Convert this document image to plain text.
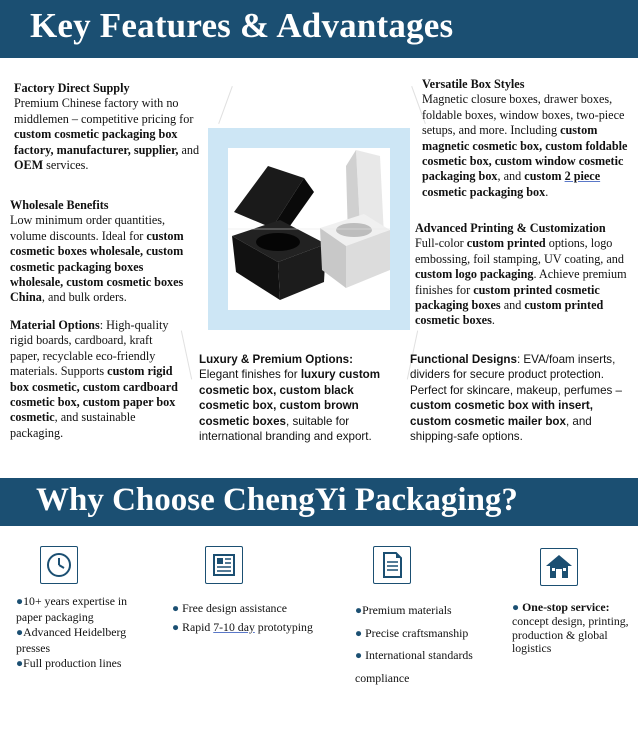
Key Features & Advantages
Factory Direct Supply
Premium Chinese factory with no middlemen – competitive pricing for custom cosmetic packaging box factory, manufacturer, supplier, and OEM services.
Wholesale Benefits
Low minimum order quantities, volume discounts. Ideal for custom cosmetic boxes wholesale, custom cosmetic packaging boxes wholesale, custom cosmetic boxes China, and bulk orders.
Material Options: High-quality rigid boards, cardboard, kraft paper, recyclable eco-friendly materials. Supports custom rigid box cosmetic, custom cardboard cosmetic box, custom paper box cosmetic, and sustainable packaging.
Versatile Box Styles
Magnetic closure boxes, drawer boxes, foldable boxes, window boxes, two-piece setups, and more. Including custom magnetic cosmetic box, custom foldable cosmetic box, custom window cosmetic packaging box, and custom 2 piece cosmetic packaging box.
Advanced Printing & Customization
Full-color custom printed options, logo embossing, foil stamping, UV coating, and custom logo packaging. Achieve premium finishes for custom printed cosmetic packaging boxes and custom printed cosmetic boxes.
Luxury & Premium Options:
Elegant finishes for luxury custom cosmetic box, custom black cosmetic box, custom brown cosmetic boxes, suitable for international branding and export.
Functional Designs: EVA/foam inserts, dividers for secure product protection. Perfect for skincare, makeup, perfumes – custom cosmetic box with insert, custom cosmetic mailer box, and shipping-safe options.
Why Choose ChengYi Packaging?
●10+ years expertise in paper packaging
●Advanced Heidelberg presses
●Full production lines
● Free design assistance
● Rapid 7-10 day prototyping
●Premium materials
● Precise craftsmanship
● International standards compliance
● One-stop service:
concept design, printing, production & global logistics
